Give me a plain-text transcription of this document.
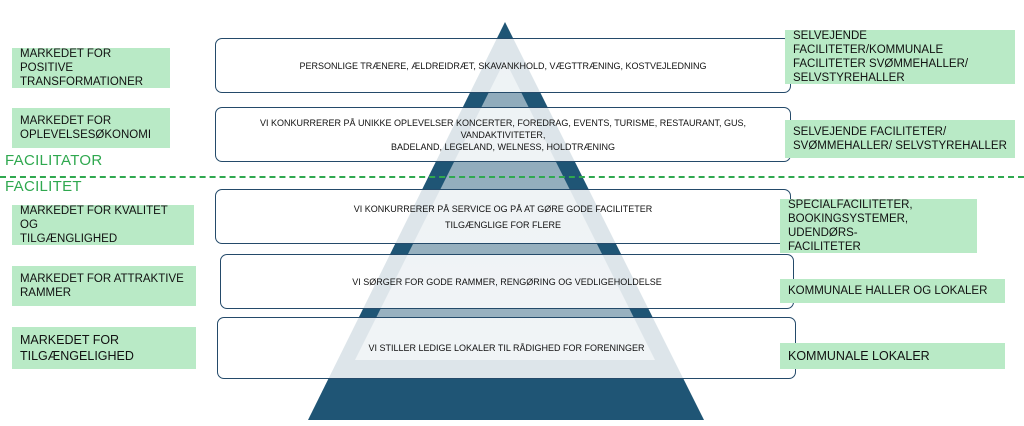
FACILITATOR
FACILITET
MARKEDET FOR POSITIVE
TRANSFORMATIONER
PERSONLIGE TRÆNERE, ÆLDREIDRÆT, SKAVANKHOLD, VÆGTTRÆNING, KOSTVEJLEDNING
SELVEJENDE FACILITETER/KOMMUNALE
FACILITETER SVØMMEHALLER/
SELVSTYREHALLER
MARKEDET FOR
OPLEVELSESØKONOMI
VI KONKURRERER PÅ UNIKKE OPLEVELSER KONCERTER, FOREDRAG, EVENTS, TURISME, RESTAURANT, GUS, VANDAKTIVITETER,
BADELAND, LEGELAND, WELNESS, HOLDTRÆNING
SELVEJENDE FACILITETER/
SVØMMEHALLER/ SELVSTYREHALLER
MARKEDET FOR KVALITET OG
TILGÆNGLIGHED
VI KONKURRERER PÅ SERVICE OG PÅ AT GØRE GODE FACILITETER
TILGÆNGLIGE FOR FLERE
SPECIALFACILITETER,
BOOKINGSYSTEMER, UDENDØRS-
FACILITETER
MARKEDET FOR ATTRAKTIVE
RAMMER
VI SØRGER FOR GODE RAMMER, RENGØRING OG VEDLIGEHOLDELSE
KOMMUNALE HALLER OG LOKALER
MARKEDET FOR
TILGÆNGELIGHED
VI STILLER LEDIGE LOKALER TIL RÅDIGHED FOR FORENINGER
KOMMUNALE LOKALER
